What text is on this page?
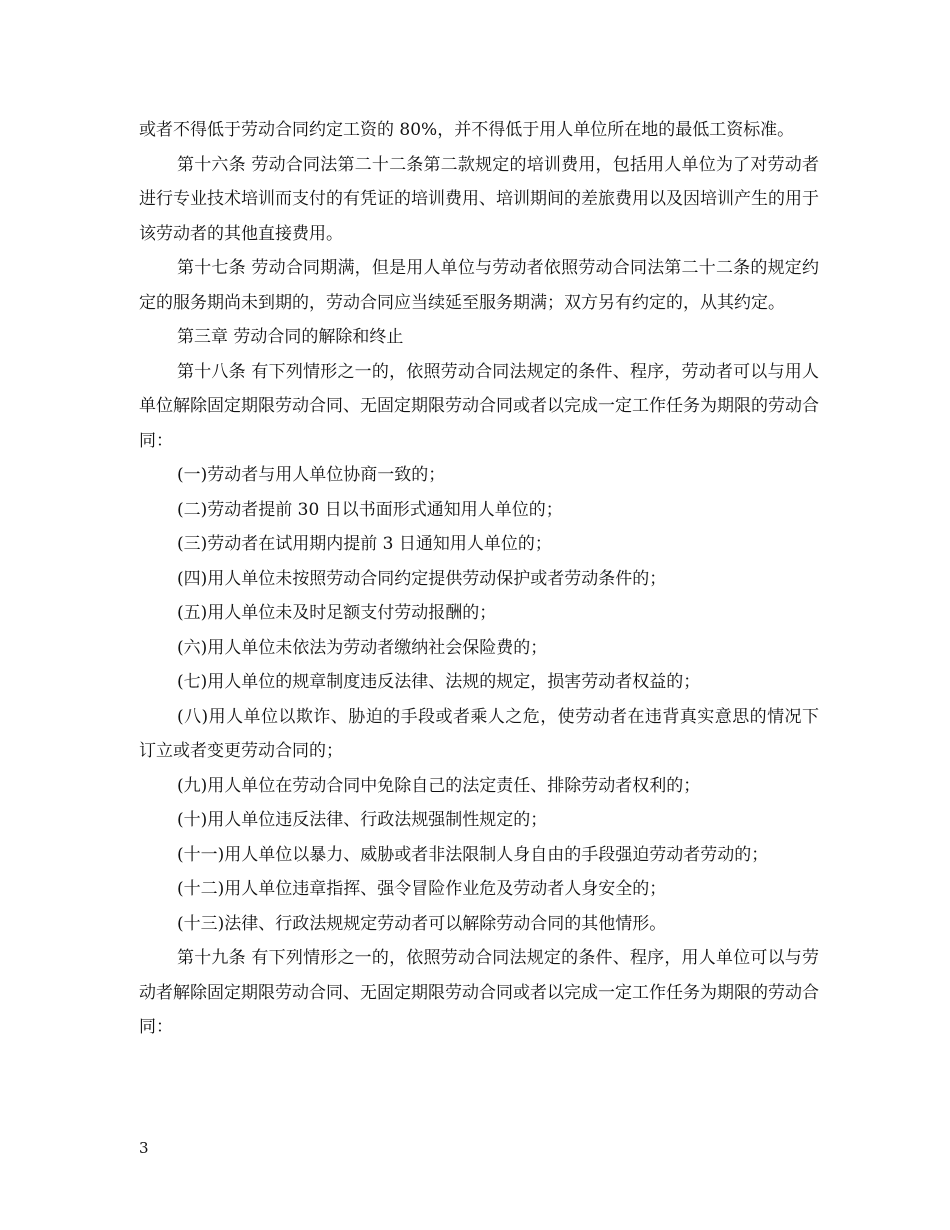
或者不得低于劳动合同约定工资的 80%，并不得低于用人单位所在地的最低工资标准。

第十六条 劳动合同法第二十二条第二款规定的培训费用，包括用人单位为了对劳动者进行专业技术培训而支付的有凭证的培训费用、培训期间的差旅费用以及因培训产生的用于该劳动者的其他直接费用。

第十七条 劳动合同期满，但是用人单位与劳动者依照劳动合同法第二十二条的规定约定的服务期尚未到期的，劳动合同应当续延至服务期满；双方另有约定的，从其约定。

第三章 劳动合同的解除和终止

第十八条 有下列情形之一的，依照劳动合同法规定的条件、程序，劳动者可以与用人单位解除固定期限劳动合同、无固定期限劳动合同或者以完成一定工作任务为期限的劳动合同：

(一)劳动者与用人单位协商一致的；

(二)劳动者提前 30 日以书面形式通知用人单位的；

(三)劳动者在试用期内提前 3 日通知用人单位的；

(四)用人单位未按照劳动合同约定提供劳动保护或者劳动条件的；

(五)用人单位未及时足额支付劳动报酬的；

(六)用人单位未依法为劳动者缴纳社会保险费的；

(七)用人单位的规章制度违反法律、法规的规定，损害劳动者权益的；

(八)用人单位以欺诈、胁迫的手段或者乘人之危，使劳动者在违背真实意思的情况下订立或者变更劳动合同的；

(九)用人单位在劳动合同中免除自己的法定责任、排除劳动者权利的；

(十)用人单位违反法律、行政法规强制性规定的；

(十一)用人单位以暴力、威胁或者非法限制人身自由的手段强迫劳动者劳动的；

(十二)用人单位违章指挥、强令冒险作业危及劳动者人身安全的；

(十三)法律、行政法规规定劳动者可以解除劳动合同的其他情形。

第十九条 有下列情形之一的，依照劳动合同法规定的条件、程序，用人单位可以与劳动者解除固定期限劳动合同、无固定期限劳动合同或者以完成一定工作任务为期限的劳动合同：

3
